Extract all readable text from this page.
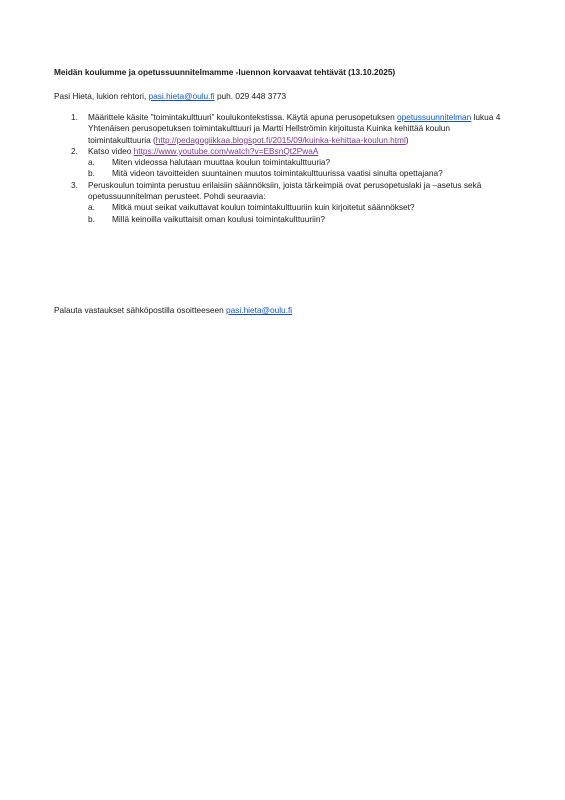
Meidän koulumme ja opetussuunnitelmamme -luennon korvaavat tehtävät (13.10.2025)
Pasi Hieta, lukion rehtori, pasi.hieta@oulu.fi puh. 029 448 3773
1. Määrittele käsite ”toimintakulttuuri” koulukontekstissa. Käytä apuna perusopetuksen opetussuunnitelman lukua 4 Yhtenäisen perusopetuksen toimintakulttuuri ja Martti Hellströmin kirjoitusta Kuinka kehittää koulun toimintakulttuuria (http://pedagogiikkaa.blogspot.fi/2015/09/kuinka-kehittaa-koulun.html)
2. Katso video https://www.youtube.com/watch?v=EBsnQt2PwaA
a. Miten videossa halutaan muuttaa koulun toimintakulttuuria?
b. Mitä videon tavoitteiden suuntainen muutos toimintakulttuurissa vaatisi sinulta opettajana?
3. Peruskoulun toiminta perustuu erilaisiin säännöksiin, joista tärkeimpiä ovat perusopetuslaki ja –asetus sekä opetussuunnitelman perusteet. Pohdi seuraavia:
a. Mitkä muut seikat vaikuttavat koulun toimintakulttuuriin kuin kirjoitetut säännökset?
b. Millä keinoilla vaikuttaisit oman koulusi toimintakulttuuriin?
Palauta vastaukset sähköpostilla osoitteeseen pasi.hieta@oulu.fi
